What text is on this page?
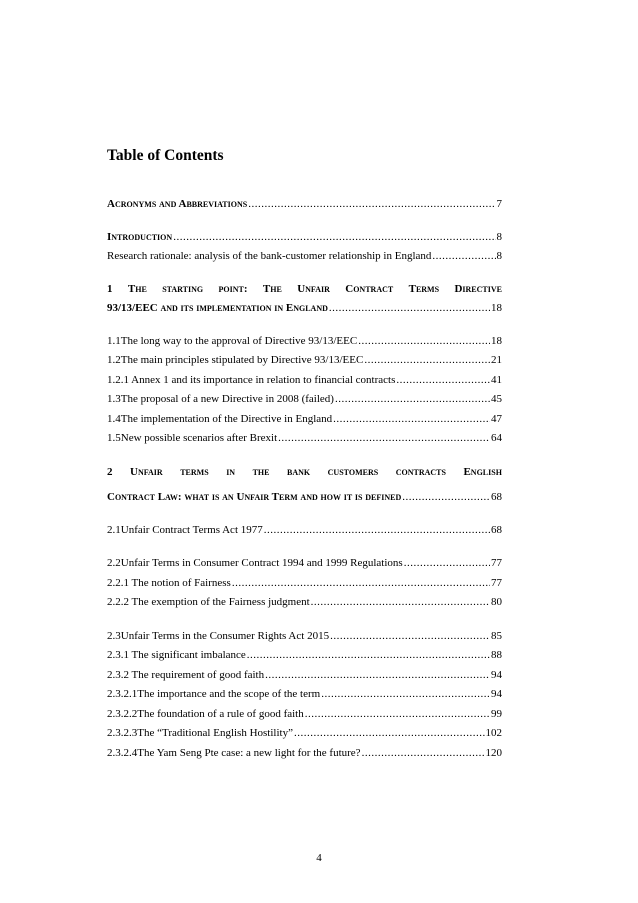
Table of Contents
Acronyms and Abbreviations .....	7
Introduction .....	8
Research rationale: analysis of the bank-customer relationship in England .....	8
1 The starting point: The Unfair Contract Terms Directive
93/13/EEC and its implementation in England .....	18
1.1 The long way to the approval of Directive 93/13/EEC .....	18
1.2 The main principles stipulated by Directive 93/13/EEC .....	21
1.2.1 Annex 1 and its importance in relation to financial contracts .....	41
1.3 The proposal of a new Directive in 2008 (failed) .....	45
1.4 The implementation of the Directive in England .....	47
1.5 New possible scenarios after Brexit .....	64
2 Unfair terms in the bank customers contracts English
Contract Law: what is an Unfair Term and how it is defined .....	68
2.1 Unfair Contract Terms Act 1977 .....	68
2.2 Unfair Terms in Consumer Contract 1994 and 1999 Regulations .....	77
2.2.1 The notion of Fairness .....	77
2.2.2 The exemption of the Fairness judgment .....	80
2.3 Unfair Terms in the Consumer Rights Act 2015 .....	85
2.3.1 The significant imbalance .....	88
2.3.2 The requirement of good faith .....	94
2.3.2.1The importance and the scope of the term .....	94
2.3.2.2The foundation of a rule of good faith .....	99
2.3.2.3The “Traditional English Hostility” .....	102
2.3.2.4The Yam Seng Pte case: a new light for the future? .....	120
4
